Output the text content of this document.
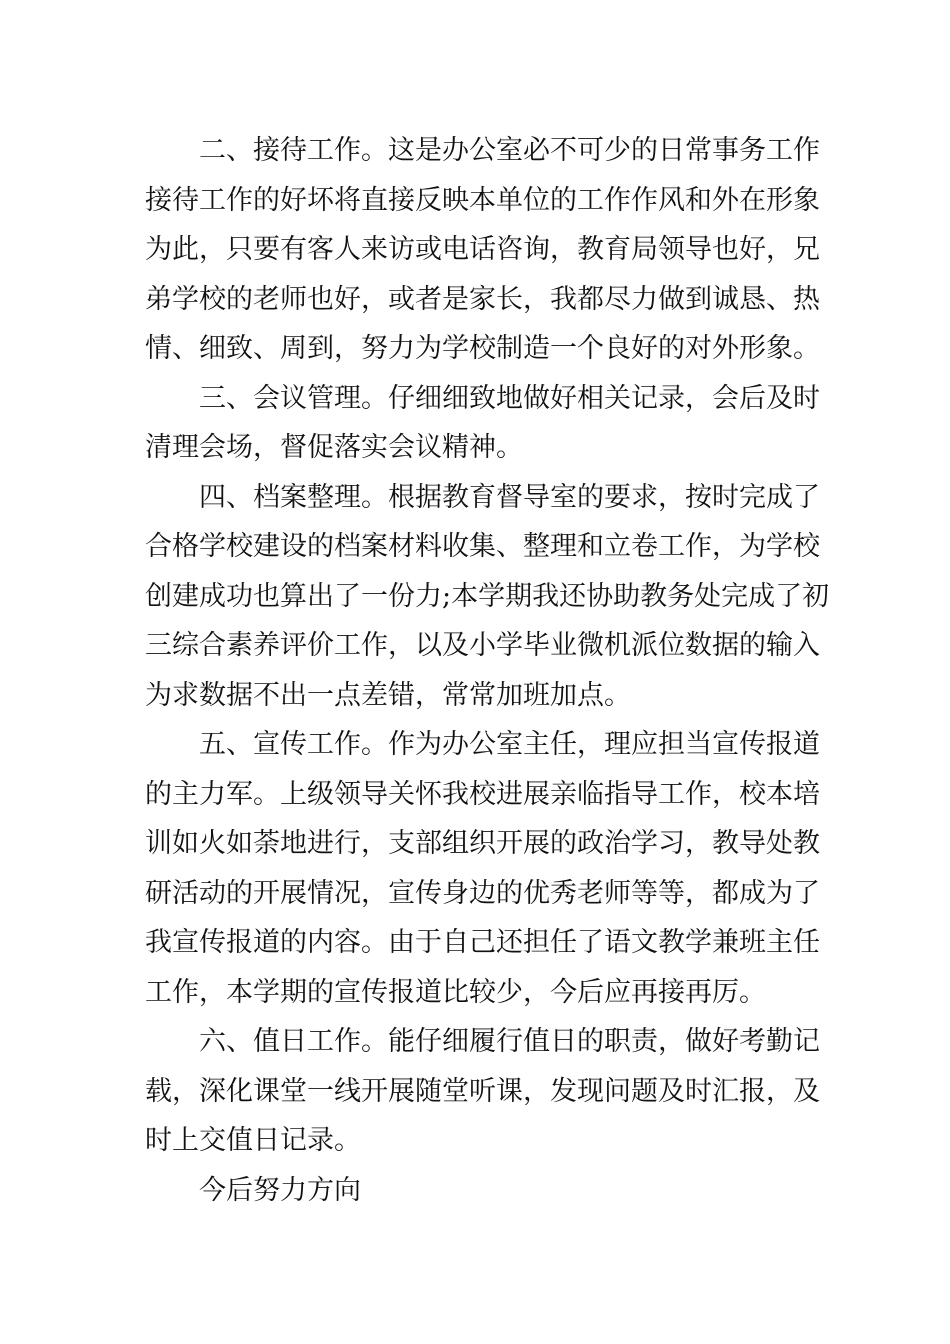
二、接待工作。这是办公室必不可少的日常事务工作
接待工作的好坏将直接反映本单位的工作作风和外在形象
为此，只要有客人来访或电话咨询，教育局领导也好，兄
弟学校的老师也好，或者是家长，我都尽力做到诚恳、热
情、细致、周到，努力为学校制造一个良好的对外形象。
三、会议管理。仔细细致地做好相关记录，会后及时
清理会场，督促落实会议精神。
四、档案整理。根据教育督导室的要求，按时完成了
合格学校建设的档案材料收集、整理和立卷工作，为学校
创建成功也算出了一份力;本学期我还协助教务处完成了初
三综合素养评价工作，以及小学毕业微机派位数据的输入
为求数据不出一点差错，常常加班加点。
五、宣传工作。作为办公室主任，理应担当宣传报道
的主力军。上级领导关怀我校进展亲临指导工作，校本培
训如火如荼地进行，支部组织开展的政治学习，教导处教
研活动的开展情况，宣传身边的优秀老师等等，都成为了
我宣传报道的内容。由于自己还担任了语文教学兼班主任
工作，本学期的宣传报道比较少，今后应再接再厉。
六、值日工作。能仔细履行值日的职责，做好考勤记
载，深化课堂一线开展随堂听课，发现问题及时汇报，及
时上交值日记录。
今后努力方向
